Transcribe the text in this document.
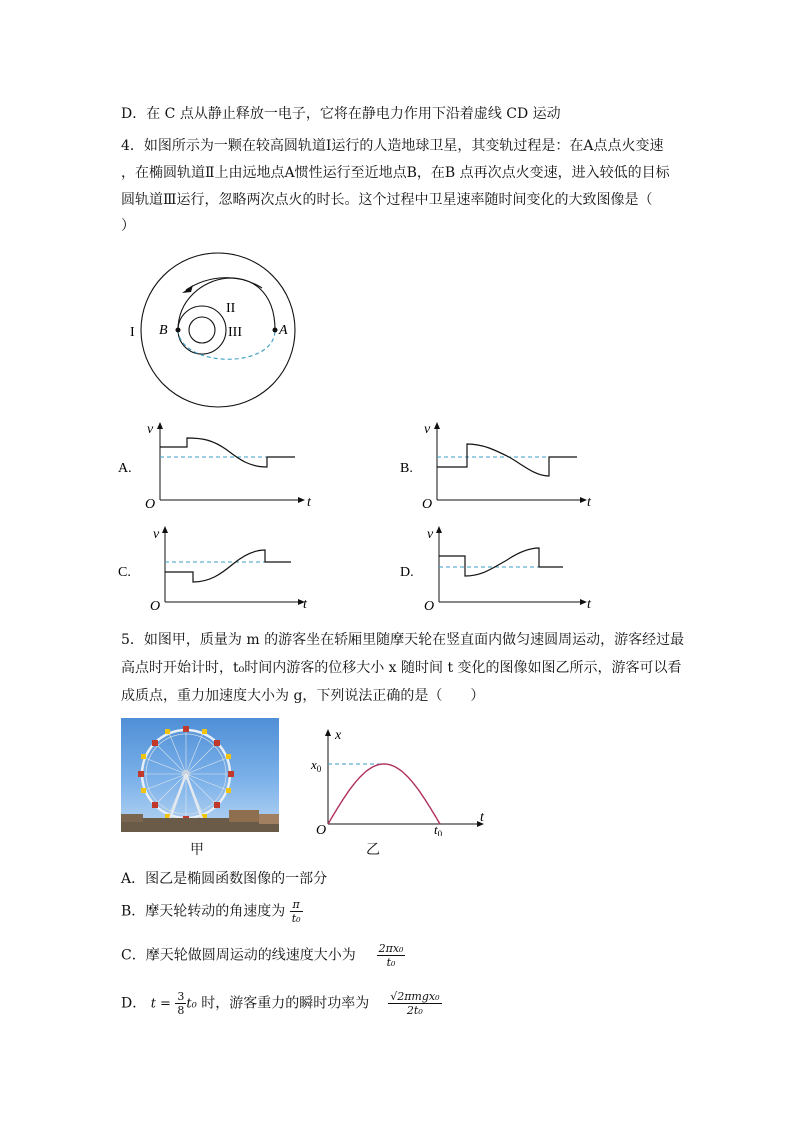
D．在 C 点从静止释放一电子，它将在静电力作用下沿着虚线 CD 运动
4．如图所示为一颗在较高圆轨道Ⅰ运行的人造地球卫星，其变轨过程是：在A点点火变速
，在椭圆轨道Ⅱ上由远地点A惯性运行至近地点B，在B 点再次点火变速，进入较低的目标
圆轨道Ⅲ运行，忽略两次点火的时长。这个过程中卫星速率随时间变化的大致图像是（
）
I
II
III	A
B
A.
v
O	t
B.
v
O	t
C.
v
O	t
D.
v
O	t
5．如图甲，质量为 m 的游客坐在轿厢里随摩天轮在竖直面内做匀速圆周运动，游客经过最
高点时开始计时，t₀时间内游客的位移大小 x 随时间 t 变化的图像如图乙所示，游客可以看
成质点，重力加速度大小为 g，下列说法正确的是（　　）
甲
x
t
O
$x_0$
$t_0$
乙
A．图乙是椭圆函数图像的一部分
B．摩天轮转动的角速度为 $\frac{\pi}{\text{t₀}}$
C．摩天轮做圆周运动的线速度大小为 $\frac{\text{2πx₀}}{\text{t₀}}$
D． $t = \frac{3}{8} t_0$ 时，游客重力的瞬时功率为 $\frac{\text{√2πmgx₀}}{\text{2t₀}}$
